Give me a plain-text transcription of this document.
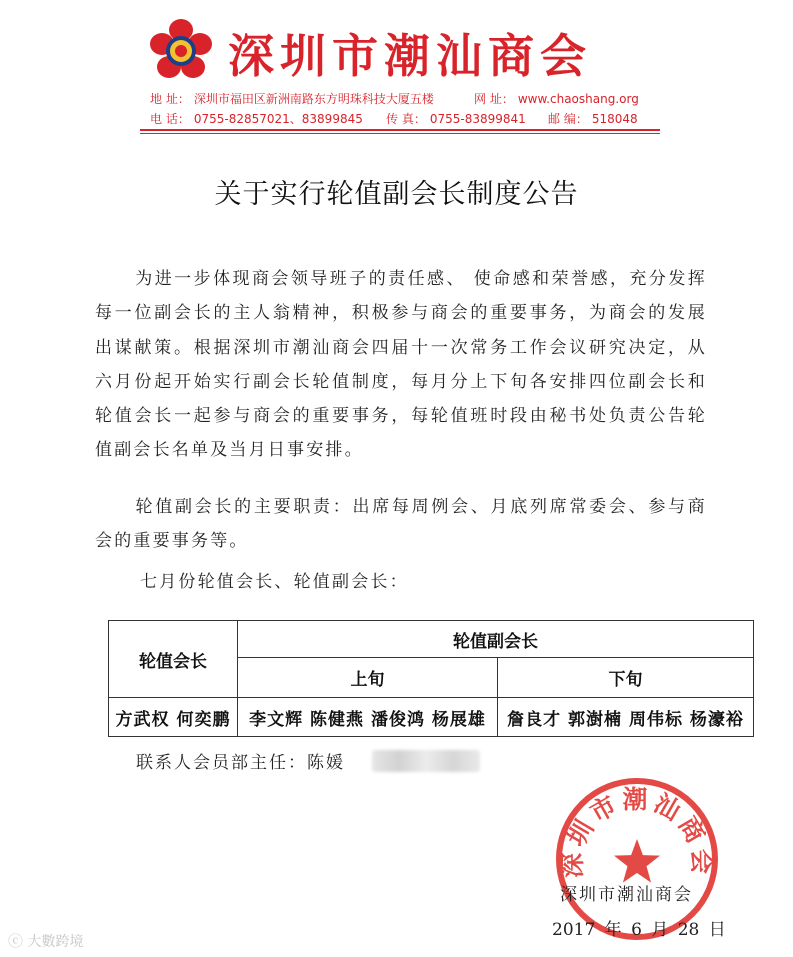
深圳市潮汕商会
地 址： 深圳市福田区新洲南路东方明珠科技大厦五楼	网 址： www.chaoshang.org
电 话： 0755-82857021、83899845 传 真： 0755-83899841 邮 编： 518048
关于实行轮值副会长制度公告
为进一步体现商会领导班子的责任感、 使命感和荣誉感，充分发挥每一位副会长的主人翁精神，积极参与商会的重要事务，为商会的发展出谋献策。根据深圳市潮汕商会四届十一次常务工作会议研究决定，从六月份起开始实行副会长轮值制度，每月分上下旬各安排四位副会长和轮值会长一起参与商会的重要事务，每轮值班时段由秘书处负责公告轮值副会长名单及当月日事安排。
轮值副会长的主要职责：出席每周例会、月底列席常委会、参与商会的重要事务等。
七月份轮值会长、轮值副会长：
轮值会长	轮值副会长	
	上旬	下旬
方武权 何奕鹏	李文辉 陈健燕 潘俊鸿 杨展雄	詹良才 郭澍楠 周伟标 杨濠裕
联系人会员部主任：陈媛
深圳市潮汕商会
深圳市潮汕商会
2017 年 6 月 28 日
ⓒ 大數跨境
